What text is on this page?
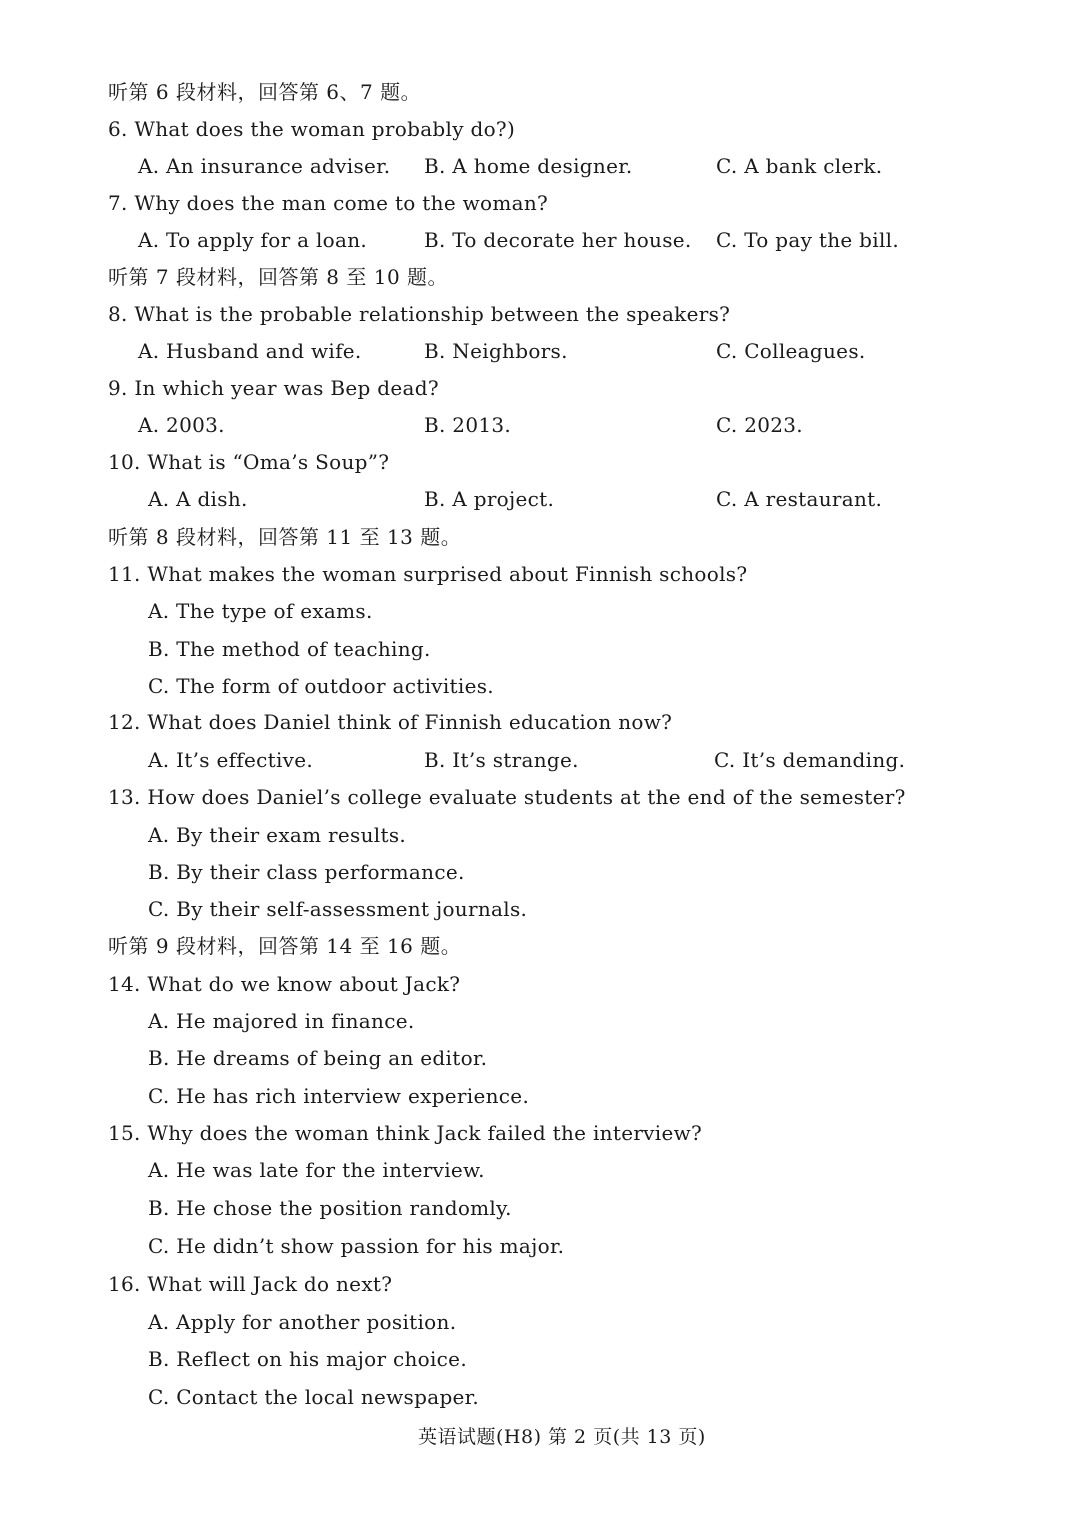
听第 6 段材料，回答第 6、7 题。
6. What does the woman probably do?)
A. An insurance adviser. B. A home designer.	C. A bank clerk.
7. Why does the man come to the woman?
A. To apply for a loan.	B. To decorate her house. C. To pay the bill.
听第 7 段材料，回答第 8 至 10 题。
8. What is the probable relationship between the speakers?
A. Husband and wife.	B. Neighbors.	C. Colleagues.
9. In which year was Bep dead?
A. 2003.	B. 2013.	C. 2023.
10. What is “Oma’s Soup”?
A. A dish.	B. A project.	C. A restaurant.
听第 8 段材料，回答第 11 至 13 题。
11. What makes the woman surprised about Finnish schools?
A. The type of exams.
B. The method of teaching.
C. The form of outdoor activities.
12. What does Daniel think of Finnish education now?
A. It’s effective.	B. It’s strange.	C. It’s demanding.
13. How does Daniel’s college evaluate students at the end of the semester?
A. By their exam results.
B. By their class performance.
C. By their self-assessment journals.
听第 9 段材料，回答第 14 至 16 题。
14. What do we know about Jack?
A. He majored in finance.
B. He dreams of being an editor.
C. He has rich interview experience.
15. Why does the woman think Jack failed the interview?
A. He was late for the interview.
B. He chose the position randomly.
C. He didn’t show passion for his major.
16. What will Jack do next?
A. Apply for another position.
B. Reflect on his major choice.
C. Contact the local newspaper.
英语试题(H8) 第 2 页(共 13 页)
